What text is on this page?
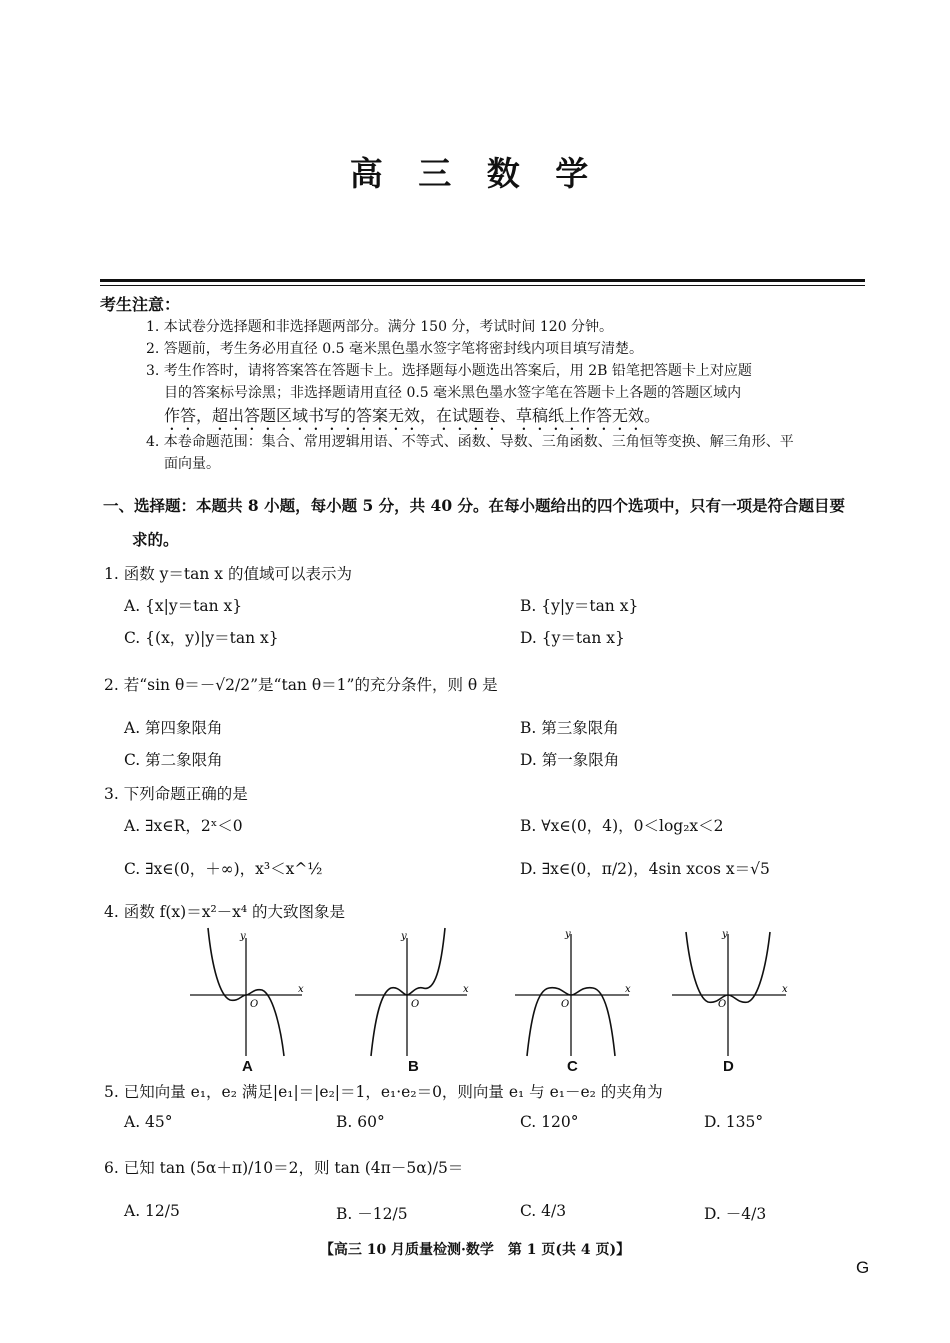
高 三 数 学
考生注意：
1. 本试卷分选择题和非选择题两部分。满分 150 分，考试时间 120 分钟。
2. 答题前，考生务必用直径 0.5 毫米黑色墨水签字笔将密封线内项目填写清楚。
3. 考生作答时，请将答案答在答题卡上。选择题每小题选出答案后，用 2B 铅笔把答题卡上对应题
目的答案标号涂黑；非选择题请用直径 0.5 毫米黑色墨水签字笔在答题卡上各题的答题区域内
作答，超出答题区域书写的答案无效，在试题卷、草稿纸上作答无效。
4. 本卷命题范围：集合、常用逻辑用语、不等式、函数、导数、三角函数、三角恒等变换、解三角形、平
面向量。
一、选择题：本题共 8 小题，每小题 5 分，共 40 分。在每小题给出的四个选项中，只有一项是符合题目要
求的。
1. 函数 y＝tan x 的值域可以表示为
A. {x|y＝tan x}	B. {y|y＝tan x}
C. {(x，y)|y＝tan x}	D. {y＝tan x}
2. 若“sin θ＝－√2/2”是“tan θ＝1”的充分条件，则 θ 是
A. 第四象限角	B. 第三象限角
C. 第二象限角	D. 第一象限角
3. 下列命题正确的是
A. ∃x∈R，2ˣ＜0	B. ∀x∈(0，4)，0＜log₂x＜2
C. ∃x∈(0，＋∞)，x³＜x^½	D. ∃x∈(0，π/2)，4sin xcos x＝√5
4. 函数 f(x)＝x²－x⁴ 的大致图象是
y
x
O
A
y
x
O
B
y
x
O
C
y
x
O
D
5. 已知向量 e₁，e₂ 满足|e₁|＝|e₂|＝1，e₁·e₂＝0，则向量 e₁ 与 e₁－e₂ 的夹角为
A. 45°	B. 60°	C. 120°	D. 135°
6. 已知 tan (5α＋π)/10＝2，则 tan (4π－5α)/5＝
A. 12/5	B. －12/5	C. 4/3	D. －4/3
【高三 10 月质量检测·数学　第 1 页(共 4 页)】
G
